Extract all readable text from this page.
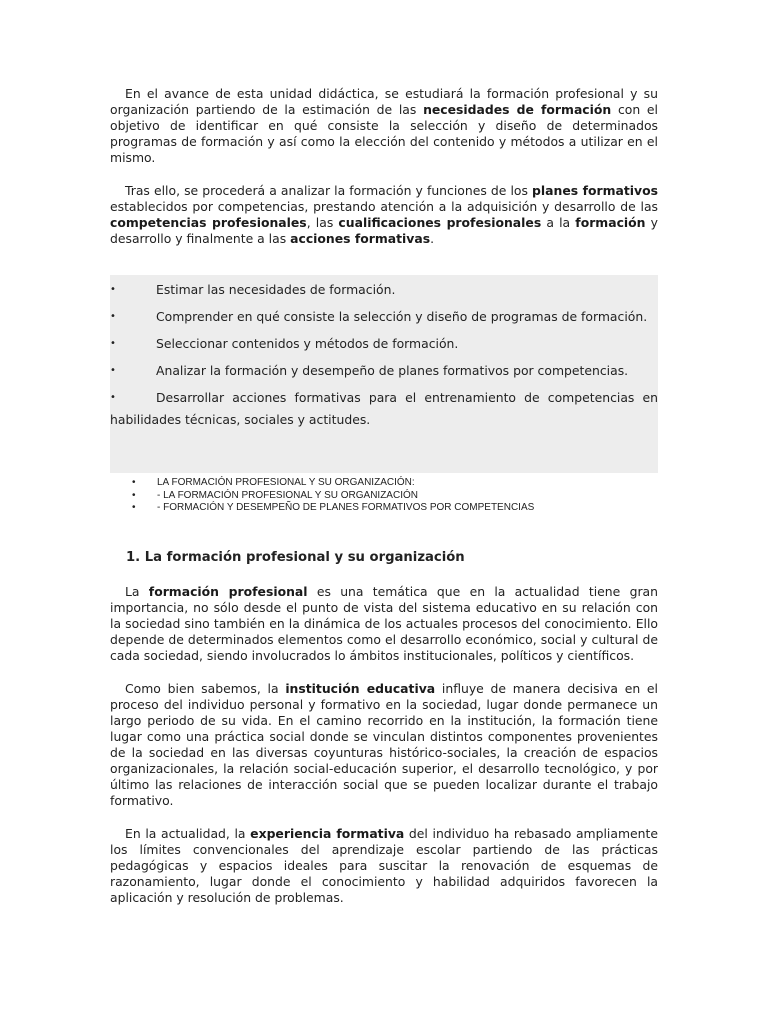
En el avance de esta unidad didáctica, se estudiará la formación profesional y su organización partiendo de la estimación de las necesidades de formación con el objetivo de identificar en qué consiste la selección y diseño de determinados programas de formación y así como la elección del contenido y métodos a utilizar en el mismo.

Tras ello, se procederá a analizar la formación y funciones de los planes formativos establecidos por competencias, prestando atención a la adquisición y desarrollo de las competencias profesionales, las cualificaciones profesionales a la formación y desarrollo y finalmente a las acciones formativas.

•	Estimar las necesidades de formación.
•	Comprender en qué consiste la selección y diseño de programas de formación.
•	Seleccionar contenidos y métodos de formación.
•	Analizar la formación y desempeño de planes formativos por competencias.
•	Desarrollar acciones formativas para el entrenamiento de competencias en habilidades técnicas, sociales y actitudes.
• LA FORMACIÓN PROFESIONAL Y SU ORGANIZACIÓN:
• - LA FORMACIÓN PROFESIONAL Y SU ORGANIZACIÓN
• - FORMACIÓN Y DESEMPEÑO DE PLANES FORMATIVOS POR COMPETENCIAS
1. La formación profesional y su organización

La formación profesional es una temática que en la actualidad tiene gran importancia, no sólo desde el punto de vista del sistema educativo en su relación con la sociedad sino también en la dinámica de los actuales procesos del conocimiento. Ello depende de determinados elementos como el desarrollo económico, social y cultural de cada sociedad, siendo involucrados lo ámbitos institucionales, políticos y científicos.

Como bien sabemos, la institución educativa influye de manera decisiva en el proceso del individuo personal y formativo en la sociedad, lugar donde permanece un largo periodo de su vida. En el camino recorrido en la institución, la formación tiene lugar como una práctica social donde se vinculan distintos componentes provenientes de la sociedad en las diversas coyunturas histórico-sociales, la creación de espacios organizacionales, la relación social-educación superior, el desarrollo tecnológico, y por último las relaciones de interacción social que se pueden localizar durante el trabajo formativo.

En la actualidad, la experiencia formativa del individuo ha rebasado ampliamente los límites convencionales del aprendizaje escolar partiendo de las prácticas pedagógicas y espacios ideales para suscitar la renovación de esquemas de razonamiento, lugar donde el conocimiento y habilidad adquiridos favorecen la aplicación y resolución de problemas.
